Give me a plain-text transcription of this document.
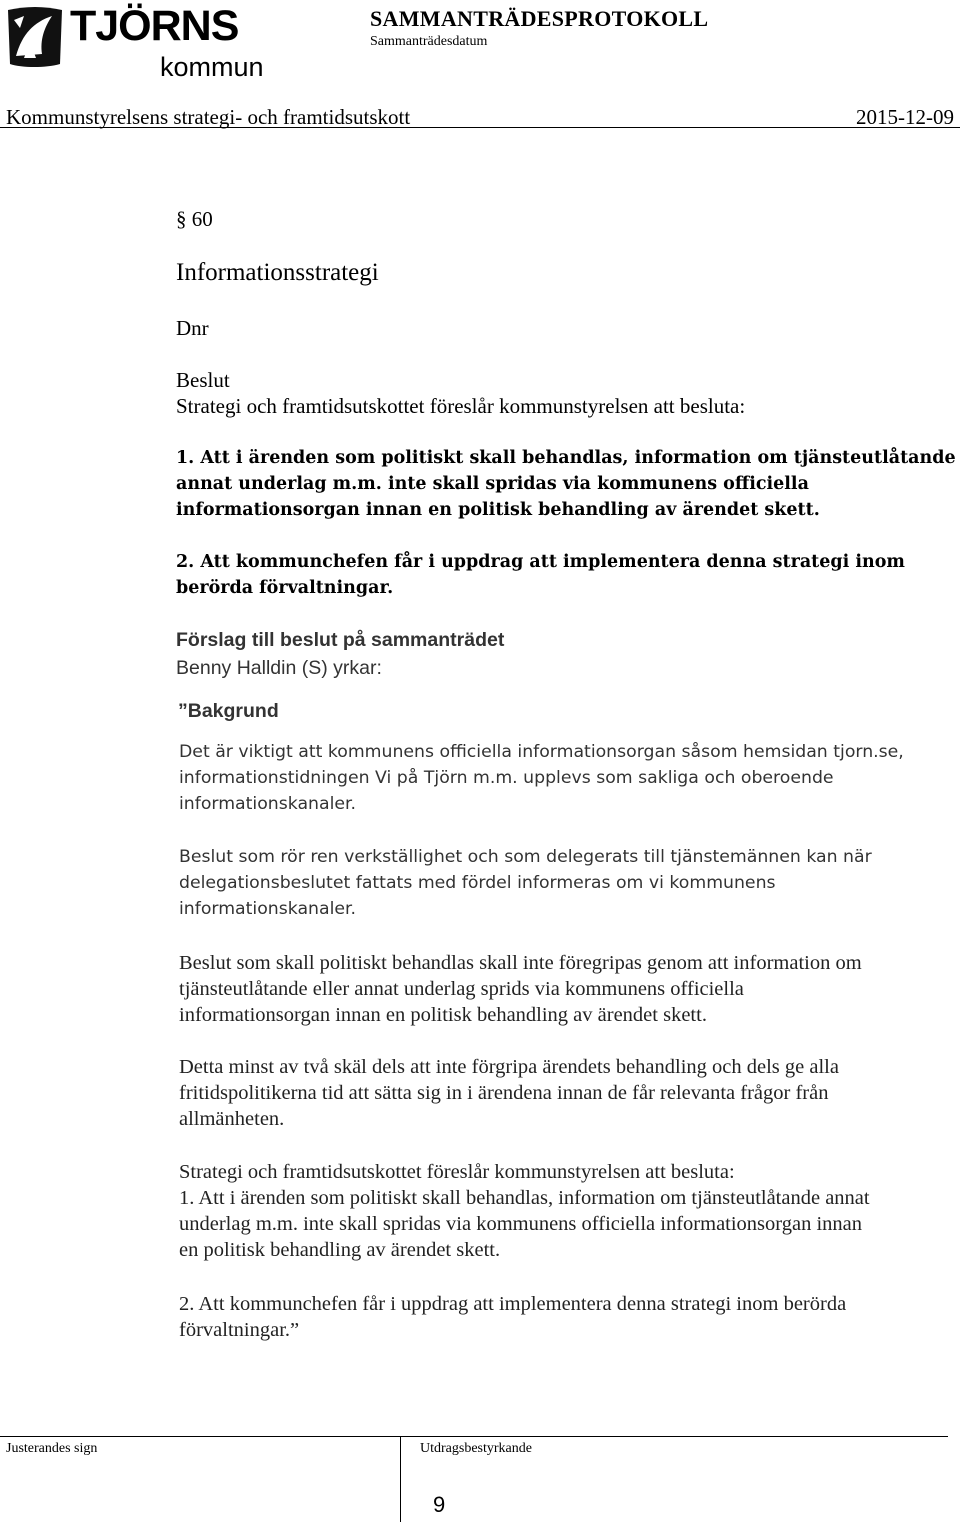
TJÖRNS
kommun
SAMMANTRÄDESPROTOKOLL
Sammanträdesdatum
Kommunstyrelsens strategi- och framtidsutskott	2015-12-09
§ 60
Informationsstrategi
Dnr
Beslut
Strategi och framtidsutskottet föreslår kommunstyrelsen att besluta:
1. Att i ärenden som politiskt skall behandlas, information om tjänsteutlåtande
annat underlag m.m. inte skall spridas via kommunens officiella
informationsorgan innan en politisk behandling av ärendet skett.
2. Att kommunchefen får i uppdrag att implementera denna strategi inom
berörda förvaltningar.
Förslag till beslut på sammanträdet
Benny Halldin (S) yrkar:
”Bakgrund
Det är viktigt att kommunens officiella informationsorgan såsom hemsidan tjorn.se,
informationstidningen Vi på Tjörn m.m. upplevs som sakliga och oberoende
informationskanaler.
Beslut som rör ren verkställighet och som delegerats till tjänstemännen kan när
delegationsbeslutet fattats med fördel informeras om vi kommunens
informationskanaler.
Beslut som skall politiskt behandlas skall inte föregripas genom att information om
tjänsteutlåtande eller annat underlag sprids via kommunens officiella
informationsorgan innan en politisk behandling av ärendet skett.
Detta minst av två skäl dels att inte förgripa ärendets behandling och dels ge alla
fritidspolitikerna tid att sätta sig in i ärendena innan de får relevanta frågor från
allmänheten.
Strategi och framtidsutskottet föreslår kommunstyrelsen att besluta:
1. Att i ärenden som politiskt skall behandlas, information om tjänsteutlåtande annat
underlag m.m. inte skall spridas via kommunens officiella informationsorgan innan
en politisk behandling av ärendet skett.
2. Att kommunchefen får i uppdrag att implementera denna strategi inom berörda
förvaltningar.”
Justerandes sign	Utdragsbestyrkande
9
